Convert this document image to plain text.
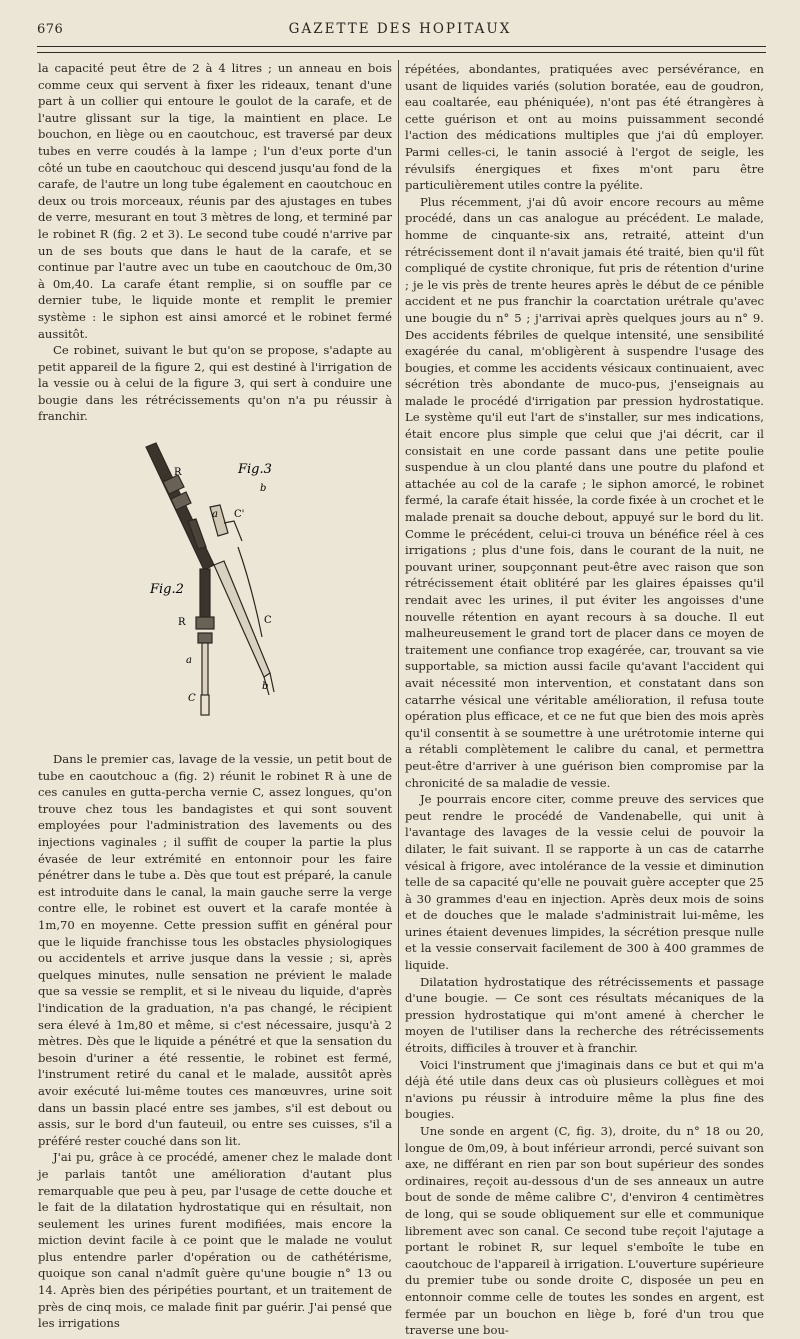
676	GAZETTE DES HOPITAUX

la capacité peut être de 2 à 4 litres ; un anneau en bois comme ceux qui servent à fixer les rideaux, tenant d'une part à un collier qui entoure le goulot de la carafe, et de l'autre glissant sur la tige, la maintient en place. Le bouchon, en liège ou en caoutchouc, est traversé par deux tubes en verre coudés à la lampe ; l'un d'eux porte d'un côté un tube en caoutchouc qui descend jusqu'au fond de la carafe, de l'autre un long tube également en caoutchouc en deux ou trois morceaux, réunis par des ajustages en tubes de verre, mesurant en tout 3 mètres de long, et terminé par le robinet R (fig. 2 et 3). Le second tube coudé n'arrive par un de ses bouts que dans le haut de la carafe, et se continue par l'autre avec un tube en caoutchouc de 0m,30 à 0m,40. La carafe étant remplie, si on souffle par ce dernier tube, le liquide monte et remplit le premier système : le siphon est ainsi amorcé et le robinet fermé aussitôt.

Ce robinet, suivant le but qu'on se propose, s'adapte au petit appareil de la figure 2, qui est destiné à l'irrigation de la vessie ou à celui de la figure 3, qui sert à conduire une bougie dans les rétrécissements qu'on n'a pu réussir à franchir.

Fig.2
Fig.3
R
a
C
R
b
a C'
C
b

Dans le premier cas, lavage de la vessie, un petit bout de tube en caoutchouc a (fig. 2) réunit le robinet R à une de ces canules en gutta-percha vernie C, assez longues, qu'on trouve chez tous les bandagistes et qui sont souvent employées pour l'administration des lavements ou des injections vaginales ; il suffit de couper la partie la plus évasée de leur extrémité en entonnoir pour les faire pénétrer dans le tube a. Dès que tout est préparé, la canule est introduite dans le canal, la main gauche serre la verge contre elle, le robinet est ouvert et la carafe montée à 1m,70 en moyenne. Cette pression suffit en général pour que le liquide franchisse tous les obstacles physiologiques ou accidentels et arrive jusque dans la vessie ; si, après quelques minutes, nulle sensation ne prévient le malade que sa vessie se remplit, et si le niveau du liquide, d'après l'indication de la graduation, n'a pas changé, le récipient sera élevé à 1m,80 et même, si c'est nécessaire, jusqu'à 2 mètres. Dès que le liquide a pénétré et que la sensation du besoin d'uriner a été ressentie, le robinet est fermé, l'instrument retiré du canal et le malade, aussitôt après avoir exécuté lui-même toutes ces manœuvres, urine soit dans un bassin placé entre ses jambes, s'il est debout ou assis, sur le bord d'un fauteuil, ou entre ses cuisses, s'il a préféré rester couché dans son lit.

J'ai pu, grâce à ce procédé, amener chez le malade dont je parlais tantôt une amélioration d'autant plus remarquable que peu à peu, par l'usage de cette douche et le fait de la dilatation hydrostatique qui en résultait, non seulement les urines furent modifiées, mais encore la miction devint facile à ce point que le malade ne voulut plus entendre parler d'opération ou de cathétérisme, quoique son canal n'admît guère qu'une bougie n° 13 ou 14. Après bien des péripéties pourtant, et un traitement de près de cinq mois, ce malade finit par guérir. J'ai pensé que les irrigations

répétées, abondantes, pratiquées avec persévérance, en usant de liquides variés (solution boratée, eau de goudron, eau coaltarée, eau phéniquée), n'ont pas été étrangères à cette guérison et ont au moins puissamment secondé l'action des médications multiples que j'ai dû employer. Parmi celles-ci, le tanin associé à l'ergot de seigle, les révulsifs énergiques et fixes m'ont paru être particulièrement utiles contre la pyélite.

Plus récemment, j'ai dû avoir encore recours au même procédé, dans un cas analogue au précédent. Le malade, homme de cinquante-six ans, retraité, atteint d'un rétrécissement dont il n'avait jamais été traité, bien qu'il fût compliqué de cystite chronique, fut pris de rétention d'urine ; je le vis près de trente heures après le début de ce pénible accident et ne pus franchir la coarctation urétrale qu'avec une bougie du n° 5 ; j'arrivai après quelques jours au n° 9. Des accidents fébriles de quelque intensité, une sensibilité exagérée du canal, m'obligèrent à suspendre l'usage des bougies, et comme les accidents vésicaux continuaient, avec sécrétion très abondante de muco-pus, j'enseignais au malade le procédé d'irrigation par pression hydrostatique. Le système qu'il eut l'art de s'installer, sur mes indications, était encore plus simple que celui que j'ai décrit, car il consistait en une corde passant dans une petite poulie suspendue à un clou planté dans une poutre du plafond et attachée au col de la carafe ; le siphon amorcé, le robinet fermé, la carafe était hissée, la corde fixée à un crochet et le malade prenait sa douche debout, appuyé sur le bord du lit. Comme le précédent, celui-ci trouva un bénéfice réel à ces irrigations ; plus d'une fois, dans le courant de la nuit, ne pouvant uriner, soupçonnant peut-être avec raison que son rétrécissement était oblitéré par les glaires épaisses qu'il rendait avec les urines, il put éviter les angoisses d'une nouvelle rétention en ayant recours à sa douche. Il eut malheureusement le grand tort de placer dans ce moyen de traitement une confiance trop exagérée, car, trouvant sa vie supportable, sa miction aussi facile qu'avant l'accident qui avait nécessité mon intervention, et constatant dans son catarrhe vésical une véritable amélioration, il refusa toute opération plus efficace, et ce ne fut que bien des mois après qu'il consentit à se soumettre à une urétrotomie interne qui a rétabli complètement le calibre du canal, et permettra peut-être d'arriver à une guérison bien compromise par la chronicité de sa maladie de vessie.

Je pourrais encore citer, comme preuve des services que peut rendre le procédé de Vandenabelle, qui unit à l'avantage des lavages de la vessie celui de pouvoir la dilater, le fait suivant. Il se rapporte à un cas de catarrhe vésical à frigore, avec intolérance de la vessie et diminution telle de sa capacité qu'elle ne pouvait guère accepter que 25 à 30 grammes d'eau en injection. Après deux mois de soins et de douches que le malade s'administrait lui-même, les urines étaient devenues limpides, la sécrétion presque nulle et la vessie conservait facilement de 300 à 400 grammes de liquide.

Dilatation hydrostatique des rétrécissements et passage d'une bougie. — Ce sont ces résultats mécaniques de la pression hydrostatique qui m'ont amené à chercher le moyen de l'utiliser dans la recherche des rétrécissements étroits, difficiles à trouver et à franchir.

Voici l'instrument que j'imaginais dans ce but et qui m'a déjà été utile dans deux cas où plusieurs collègues et moi n'avions pu réussir à introduire même la plus fine des bougies.

Une sonde en argent (C, fig. 3), droite, du n° 18 ou 20, longue de 0m,09, à bout inférieur arrondi, percé suivant son axe, ne différant en rien par son bout supérieur des sondes ordinaires, reçoit au-dessous d'un de ses anneaux un autre bout de sonde de même calibre C', d'environ 4 centimètres de long, qui se soude obliquement sur elle et communique librement avec son canal. Ce second tube reçoit l'ajutage a portant le robinet R, sur lequel s'emboîte le tube en caoutchouc de l'appareil à irrigation. L'ouverture supérieure du premier tube ou sonde droite C, disposée un peu en entonnoir comme celle de toutes les sondes en argent, est fermée par un bouchon en liège b, foré d'un trou que traverse une bou-
